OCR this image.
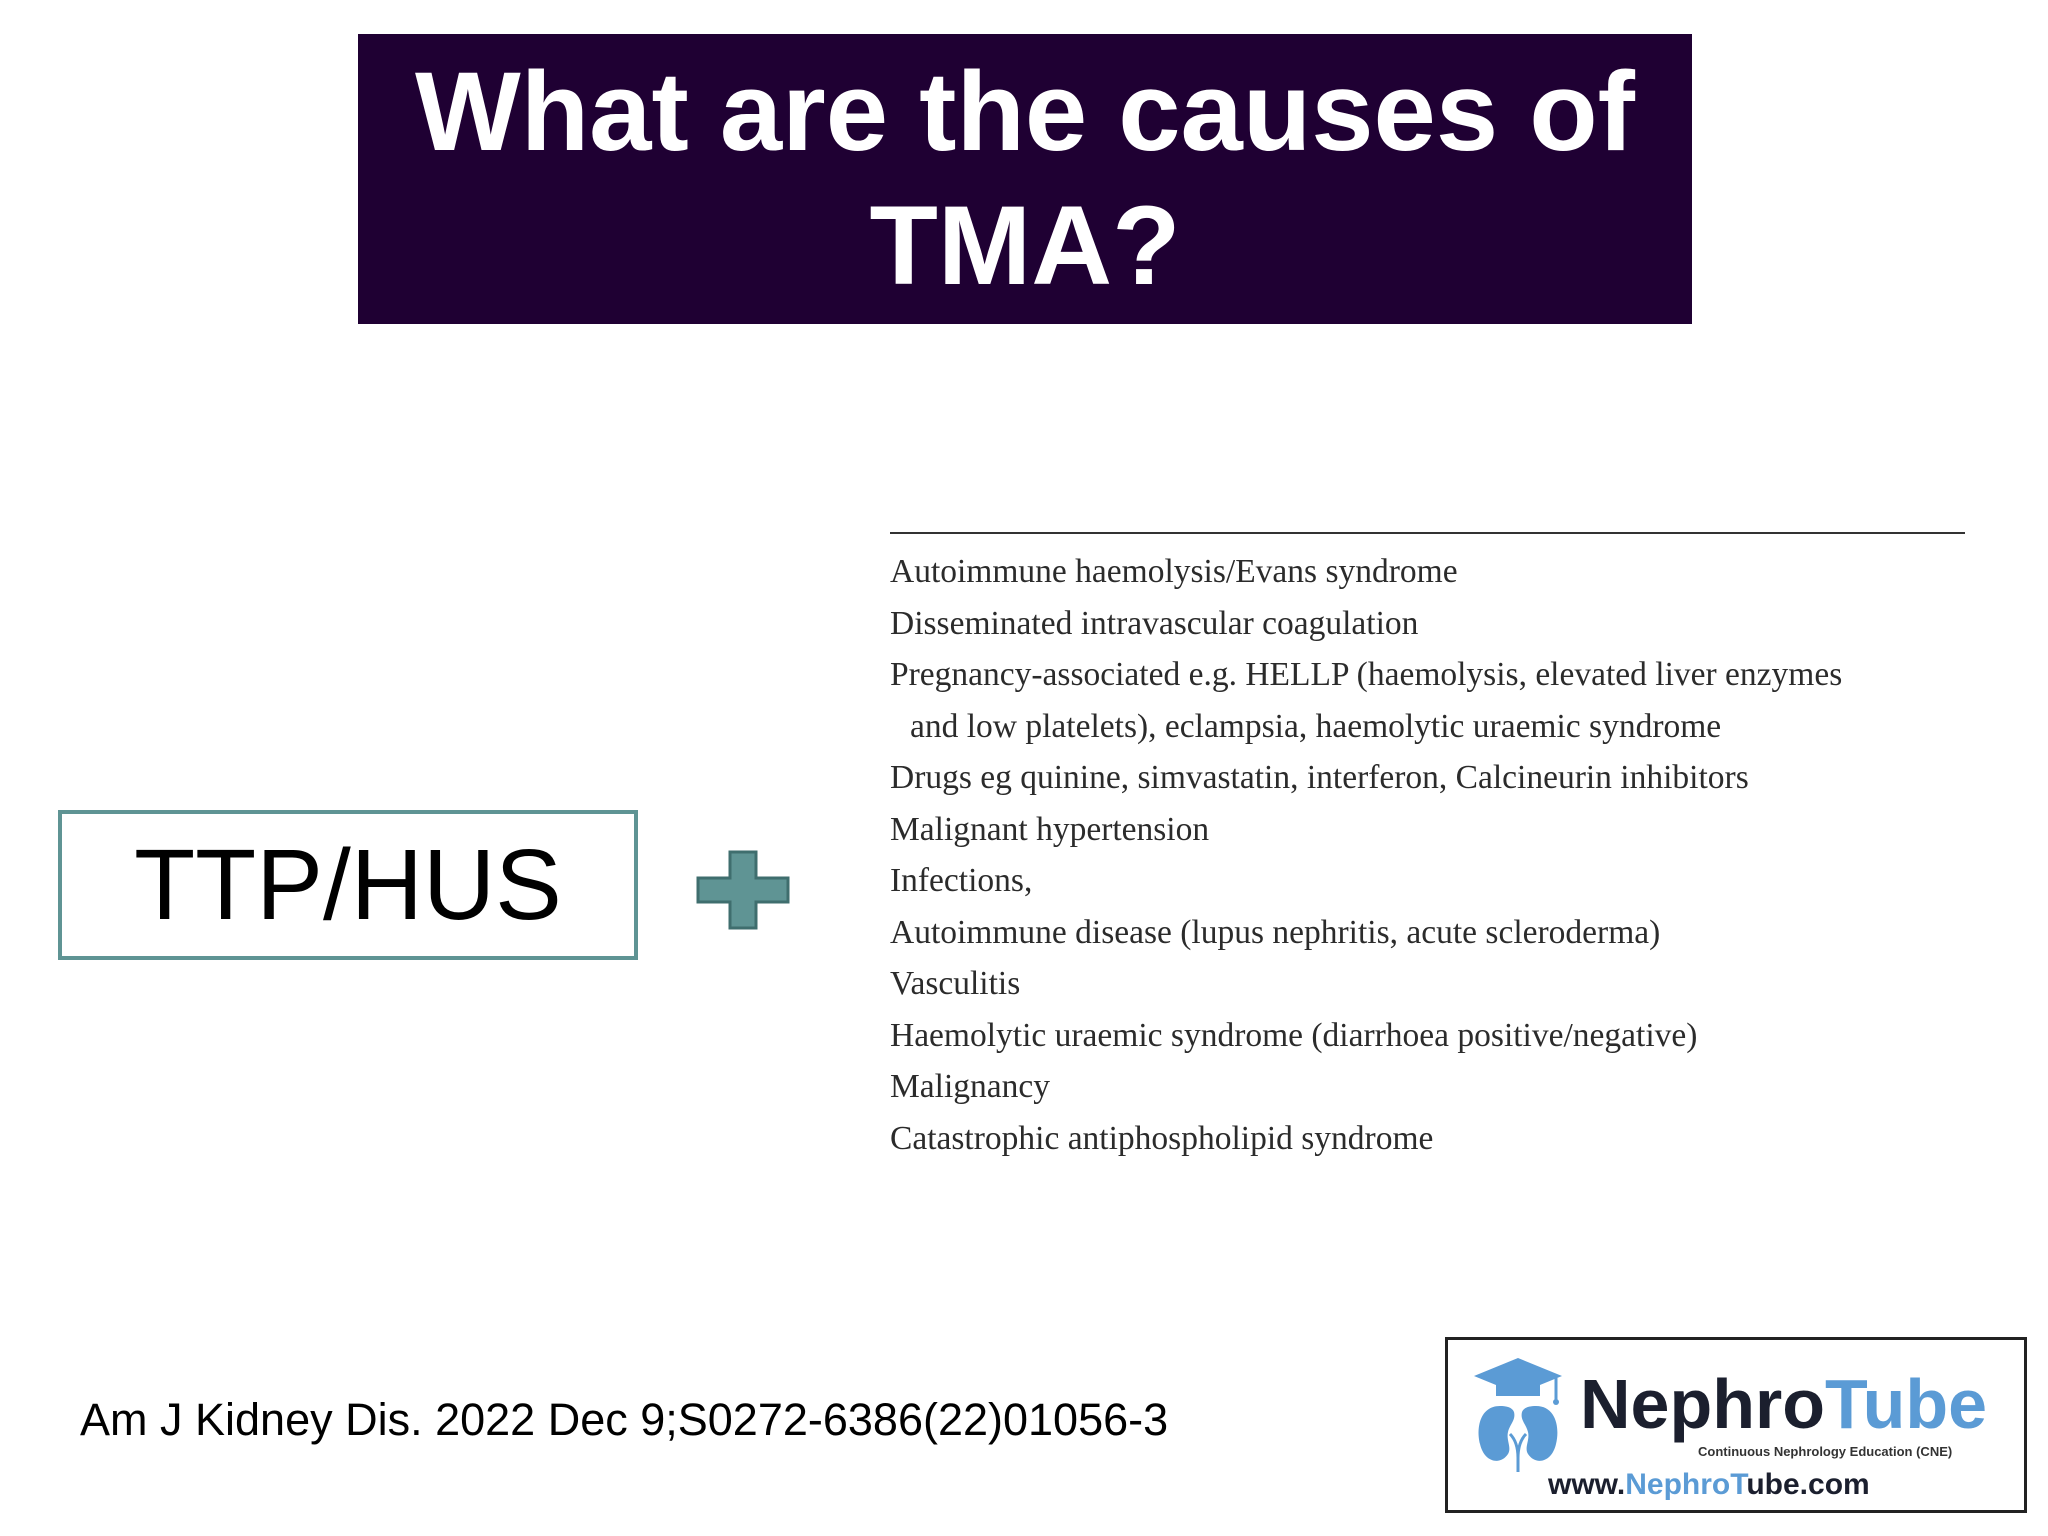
What are the causes of
TMA?
TTP/HUS
Autoimmune haemolysis/Evans syndrome
Disseminated intravascular coagulation
Pregnancy-associated e.g. HELLP (haemolysis, elevated liver enzymes
and low platelets), eclampsia, haemolytic uraemic syndrome
Drugs eg quinine, simvastatin, interferon, Calcineurin inhibitors
Malignant hypertension
Infections,
Autoimmune disease (lupus nephritis, acute scleroderma)
Vasculitis
Haemolytic uraemic syndrome (diarrhoea positive/negative)
Malignancy
Catastrophic antiphospholipid syndrome
Am J Kidney Dis. 2022 Dec 9;S0272-6386(22)01056-3	NephroTube
Continuous Nephrology Education (CNE)
www.NephroTube.com
